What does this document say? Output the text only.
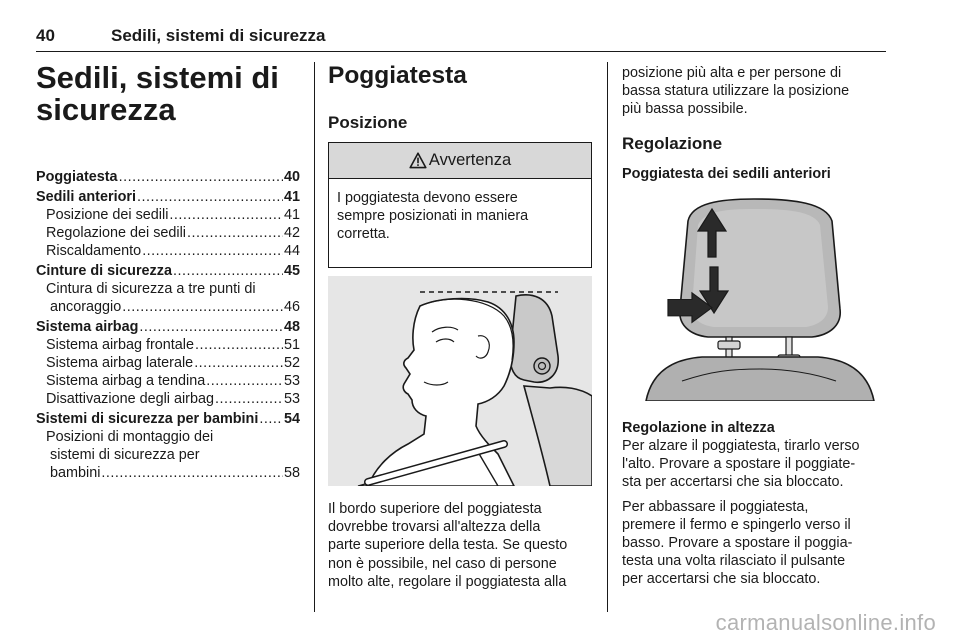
40	Sedili, sistemi di sicurezza
Sedili, sistemi di
sicurezza
Poggiatesta .....	40
Sedili anteriori .....	41
Posizione dei sedili .....	41
Regolazione dei sedili .....	42
Riscaldamento .....	44
Cinture di sicurezza .....	45
Cintura di sicurezza a tre punti di
ancoraggio .....	46
Sistema airbag .....	48
Sistema airbag frontale .....	51
Sistema airbag laterale .....	52
Sistema airbag a tendina .....	53
Disattivazione degli airbag .....	53
Sistemi di sicurezza per bambini ..... 54
Posizioni di montaggio dei
sistemi di sicurezza per
bambini .....	58
Poggiatesta
Posizione
Avvertenza
I poggiatesta devono essere
sempre posizionati in maniera
corretta.

Il bordo superiore del poggiatesta
dovrebbe trovarsi all'altezza della
parte superiore della testa. Se questo
non è possibile, nel caso di persone
molto alte, regolare il poggiatesta alla

posizione più alta e per persone di
bassa statura utilizzare la posizione
più bassa possibile.

Regolazione
Poggiatesta dei sedili anteriori
Regolazione in altezza

Per alzare il poggiatesta, tirarlo verso
l'alto. Provare a spostare il poggiate-
sta per accertarsi che sia bloccato.

Per abbassare il poggiatesta,
premere il fermo e spingerlo verso il
basso. Provare a spostare il poggia-
testa una volta rilasciato il pulsante
per accertarsi che sia bloccato.

carmanualsonline.info
